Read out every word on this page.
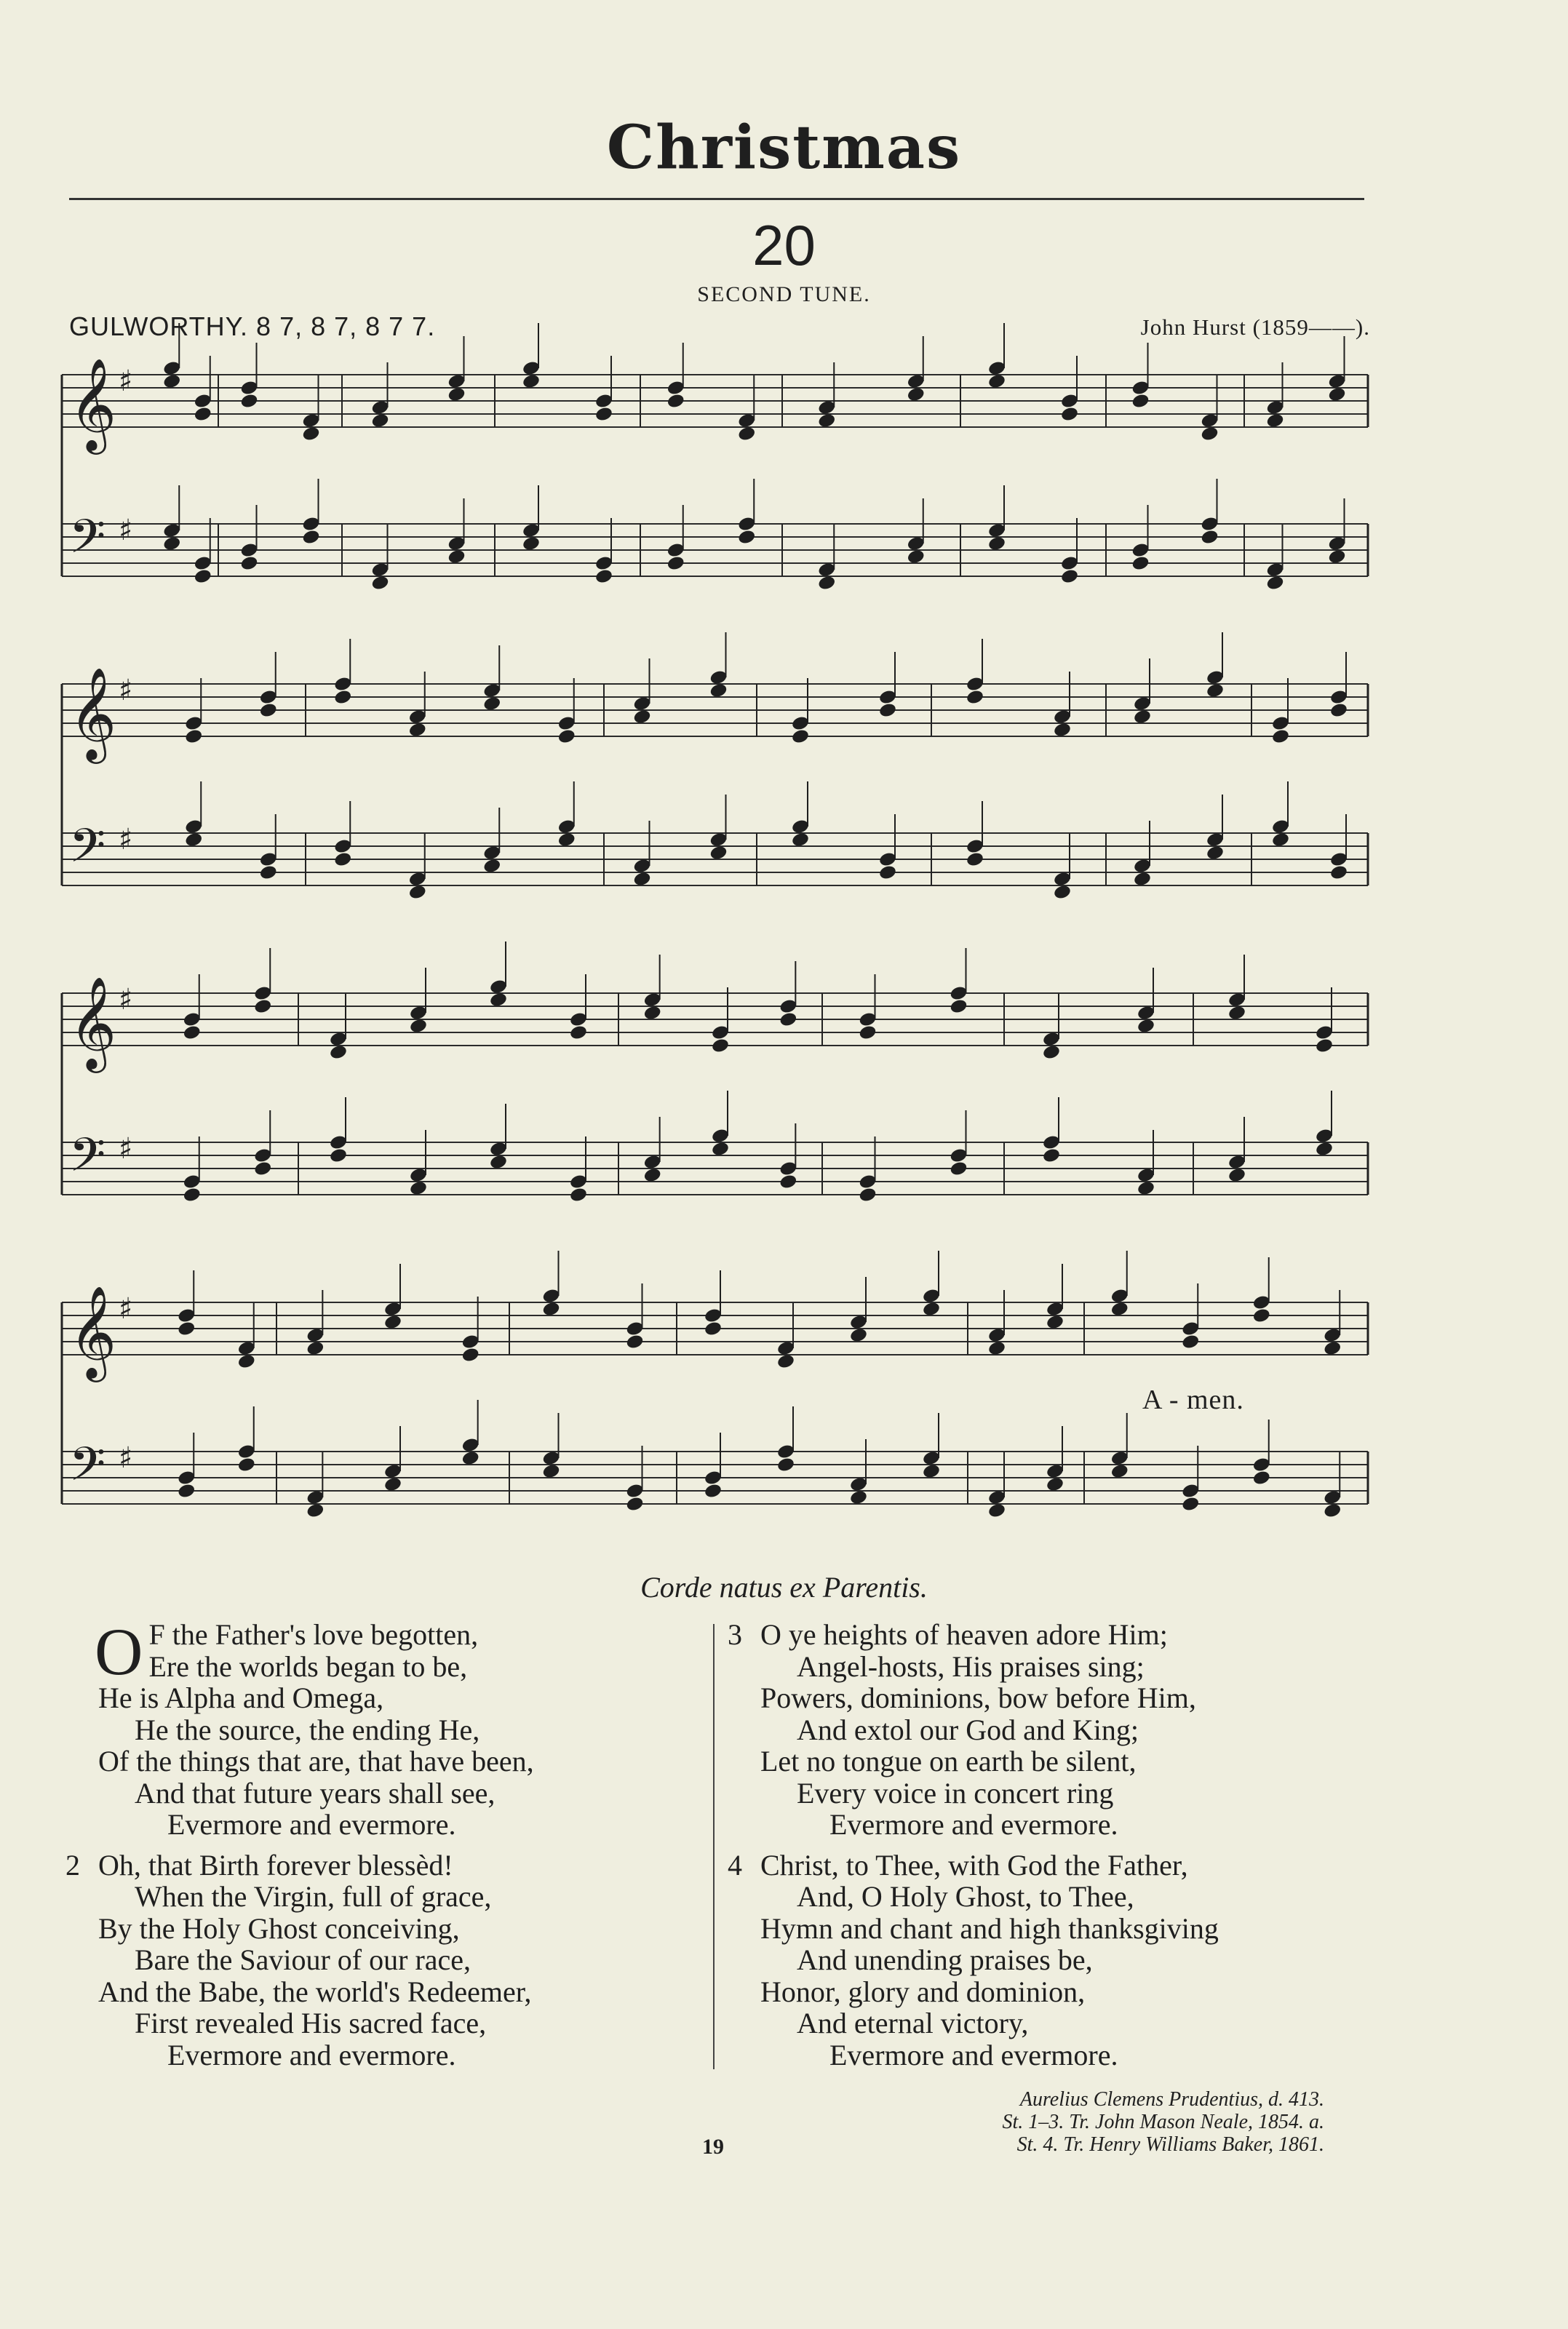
Christmas
20
SECOND TUNE.
GULWORTHY. 8 7, 8 7, 8 7 7.	John Hurst (1859——).
𝄞 ♯
𝄢 ♯
𝄞 ♯
𝄢 ♯
𝄞 ♯
𝄢 ♯
𝄞 ♯
𝄢 ♯
A - men.
Corde natus ex Parentis.
O F the Father's love begotten,
Ere the worlds began to be,
He is Alpha and Omega,
He the source, the ending He,
Of the things that are, that have been,
And that future years shall see,
Evermore and evermore.
2 Oh, that Birth forever blessèd!
When the Virgin, full of grace,
By the Holy Ghost conceiving,
Bare the Saviour of our race,
And the Babe, the world's Redeemer,
First revealed His sacred face,
Evermore and evermore.
3 O ye heights of heaven adore Him;
Angel-hosts, His praises sing;
Powers, dominions, bow before Him,
And extol our God and King;
Let no tongue on earth be silent,
Every voice in concert ring
Evermore and evermore.
4 Christ, to Thee, with God the Father,
And, O Holy Ghost, to Thee,
Hymn and chant and high thanksgiving
And unending praises be,
Honor, glory and dominion,
And eternal victory,
Evermore and evermore.
Aurelius Clemens Prudentius, d. 413.
St. 1–3. Tr. John Mason Neale, 1854. a.
St. 4. Tr. Henry Williams Baker, 1861.
19
